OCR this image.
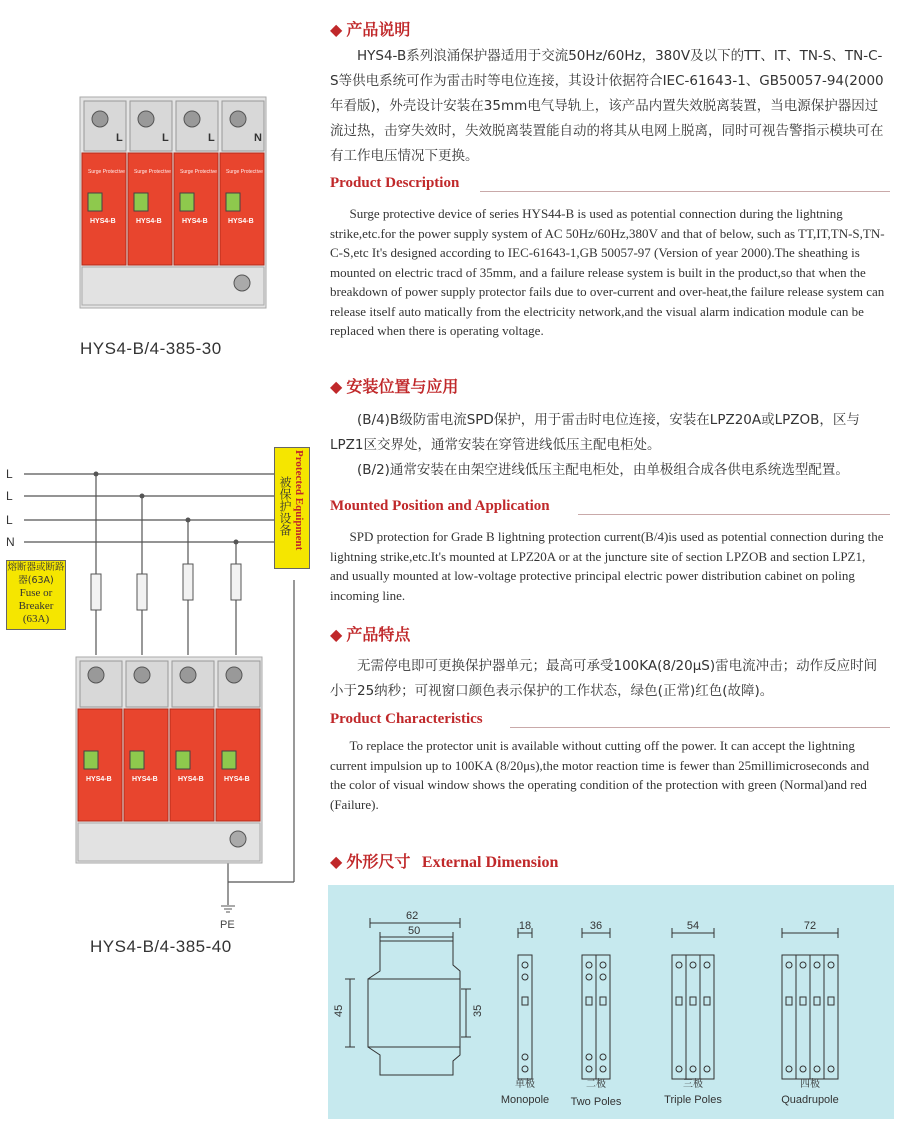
L	L	L	N
Surge Protective Surge Protective Surge Protective Surge Protective
HYS4-B	HYS4-B	HYS4-B	HYS4-B
HYS4-B/4-385-30
L
L
L
N
PE
Protected Equipment
被保护设备
熔断器或断路器(63A)
Fuse or
Breaker
(63A)
HYS4-B	HYS4-B	HYS4-B	HYS4-B
HYS4-B/4-385-40
◆ 产品说明
HYS4-B系列浪涌保护器适用于交流50Hz/60Hz，380V及以下的TT、IT、TN-S、TN-C-S等供电系统可作为雷击时等电位连接，其设计依据符合IEC-61643-1、GB50057-94(2000年看版)，外壳设计安装在35mm电气导轨上，该产品内置失效脱离装置，当电源保护器因过流过热，击穿失效时，失效脱离装置能自动的将其从电网上脱离，同时可视告警指示模块可在有工作电压情况下更换。
Product Description
Surge protective device of series HYS44-B is used as potential connection during the lightning strike,etc.for the power supply system of AC 50Hz/60Hz,380V and that of below, such as TT,IT,TN-S,TN-C-S,etc It's designed according to IEC-61643-1,GB 50057-97 (Version of year 2000).The sheathing is mounted on electric tracd of 35mm, and a failure release system is built in the product,so that when the breakdown of power supply protector fails due to over-current and over-heat,the failure release system can release itself auto matically from the electricity network,and the visual alarm indication module can be replaced when there is operating voltage.
◆ 安装位置与应用
(B/4)B级防雷电流SPD保护，用于雷击时电位连接，安装在LPZ20A或LPZOB，区与LPZ1区交界处，通常安装在穿管进线低压主配电柜处。
(B/2)通常安装在由架空进线低压主配电柜处，由单极组合成各供电系统选型配置。
Mounted Position and Application
SPD protection for Grade B lightning protection current(B/4)is used as potential connection during the lightning strike,etc.It's mounted at LPZ20A or at the juncture site of section LPZOB and section LPZ1, and usually mounted at low-voltage protective principal electric power distribution cabinet on poling incoming line.
◆ 产品特点
无需停电即可更换保护器单元；最高可承受100KA(8/20μS)雷电流冲击；动作反应时间小于25纳秒；可视窗口颜色表示保护的工作状态，绿色(正常)红色(故障)。
Product Characteristics
To replace the protector unit is available without cutting off the power. It can accept the lightning current impulsion up to 100KA (8/20μs),the motor reaction time is fewer than 25millimicroseconds and the color of visual window shows the operating condition of the protection with green (Normal)and red (Failure).
◆ 外形尺寸 External Dimension
62
50
45	35
18	36	54	72
单极	二极	三极	四极
Monopole Two Poles	Triple Poles	Quadrupole
